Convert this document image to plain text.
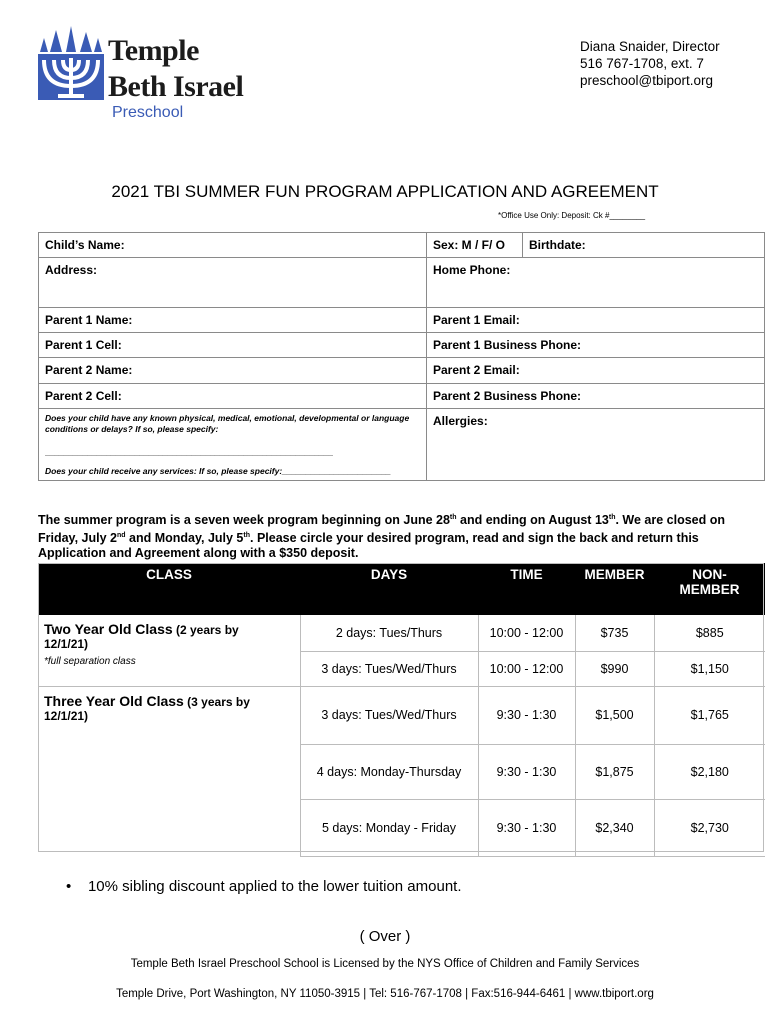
Temple
Beth Israel
Preschool
Diana Snaider, Director
516 767-1708, ext. 7
preschool@tbiport.org
2021 TBI SUMMER FUN PROGRAM APPLICATION AND AGREEMENT
*Office Use Only: Deposit: Ck #________
Child’s Name:	Sex: M / F/ O	Birthdate:
Address:	Home Phone:	
Parent 1 Name:	Parent 1 Email:	
Parent 1 Cell:	Parent 1 Business Phone:	
Parent 2 Name:	Parent 2 Email:	
Parent 2 Cell:	Parent 2 Business Phone:	

Does your child have any known physical, medical, emotional, developmental or language conditions or delays? If so, please specify:
_____________________________________________________________
Does your child receive any services: If so, please specify:_______________________	Allergies:	
The summer program is a seven week program beginning on June 28th and ending on August 13th. We are closed on Friday, July 2nd and Monday, July 5th. Please circle your desired program, read and sign the back and return this Application and Agreement along with a $350 deposit.
CLASS	DAYS	TIME	MEMBER	NON-
MEMBER
Two Year Old Class (2 years by
12/1/21)
*full separation class	2 days: Tues/Thurs	10:00 - 12:00	$735	$885
	3 days: Tues/Wed/Thurs	10:00 - 12:00	$990	$1,150
Three Year Old Class (3 years by
12/1/21)	3 days: Tues/Wed/Thurs	9:30 - 1:30	$1,500	$1,765
	4 days: Monday-Thursday	9:30 - 1:30	$1,875	$2,180
	5 days: Monday - Friday	9:30 - 1:30	$2,340	$2,730
• 10% sibling discount applied to the lower tuition amount.
( Over )
Temple Beth Israel Preschool School is Licensed by the NYS Office of Children and Family Services
Temple Drive, Port Washington, NY 11050-3915 | Tel: 516-767-1708 | Fax:516-944-6461 | www.tbiport.org
